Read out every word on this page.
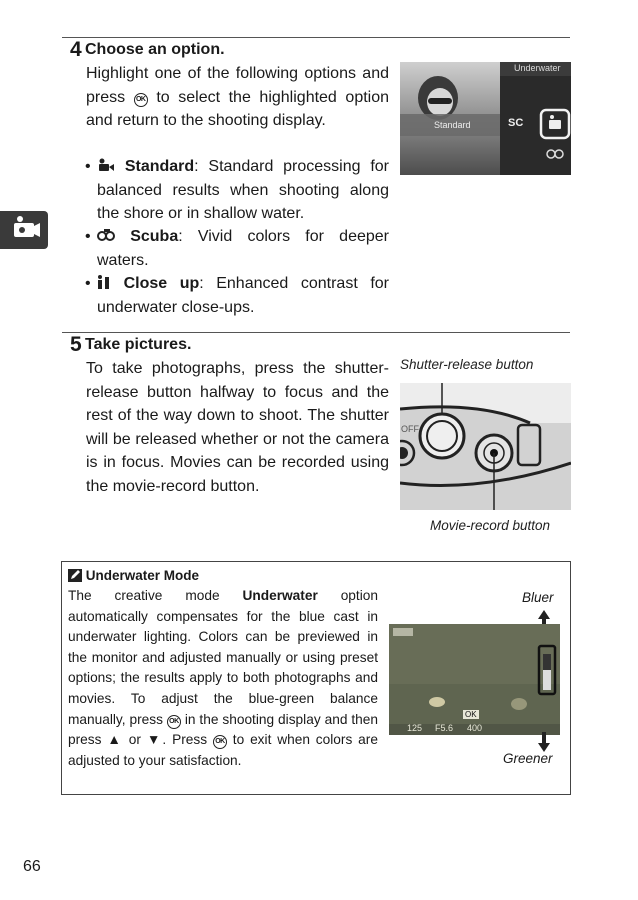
4 Choose an option.
Highlight one of the following options and press OK to select the highlighted option and return to the shooting display.
• Standard: Standard processing for balanced results when shooting along the shore or in shallow water.
• Scuba: Vivid colors for deeper waters.
• Close up: Enhanced contrast for underwater close-ups.
Underwater
Standard	SC
5 Take pictures.
To take photographs, press the shutter-release button halfway to focus and the rest of the way down to shoot. The shutter will be released whether or not the camera is in focus. Movies can be recorded using the movie-record button.
Shutter-release button
OFF
Movie-record button
Underwater Mode
The creative mode Underwater option automatically compensates for the blue cast in underwater lighting. Colors can be previewed in the monitor and adjusted manually or using preset options; the results apply to both photographs and movies. To adjust the blue-green balance manually, press OK in the shooting display and then press ▲ or ▼. Press OK to exit when colors are adjusted to your satisfaction.
Bluer
125 F5.6 400
OK
Greener
66
